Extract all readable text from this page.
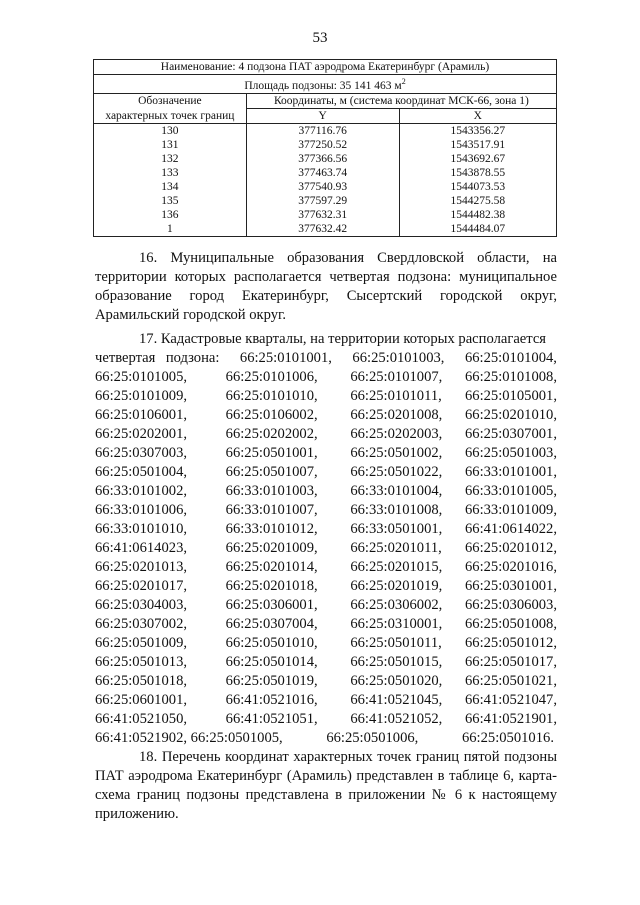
53
Наименование: 4 подзона ПАТ аэродрома Екатеринбург (Арамиль)		
Площадь подзоны: 35 141 463 $м^2$
Обозначение	Координаты, м (система координат МСК-66, зона 1)	
характерных точек границ	Y	X
130	377116.76	1543356.27
131	377250.52	1543517.91
132	377366.56	1543692.67
133	377463.74	1543878.55
134	377540.93	1544073.53
135	377597.29	1544275.58
136	377632.31	1544482.38
1	377632.42	1544484.07

16. Муниципальные образования Свердловской области, на территории которых располагается четвертая подзона: муниципальное образование город Екатеринбург, Сысертский городской округ, Арамильский городской округ.

17. Кадастровые кварталы, на территории которых располагается

четвертая подзона: 66:25:0101001, 66:25:0101003, 66:25:0101004,
66:25:0101005,	66:25:0101006,	66:25:0101007,	66:25:0101008,
66:25:0101009,	66:25:0101010,	66:25:0101011,	66:25:0105001,
66:25:0106001,	66:25:0106002,	66:25:0201008,	66:25:0201010,
66:25:0202001,	66:25:0202002,	66:25:0202003,	66:25:0307001,
66:25:0307003,	66:25:0501001,	66:25:0501002,	66:25:0501003,
66:25:0501004,	66:25:0501007,	66:25:0501022,	66:33:0101001,
66:33:0101002,	66:33:0101003,	66:33:0101004,	66:33:0101005,
66:33:0101006,	66:33:0101007,	66:33:0101008,	66:33:0101009,
66:33:0101010,	66:33:0101012,	66:33:0501001,	66:41:0614022,
66:41:0614023,	66:25:0201009,	66:25:0201011,	66:25:0201012,
66:25:0201013,	66:25:0201014,	66:25:0201015,	66:25:0201016,
66:25:0201017,	66:25:0201018,	66:25:0201019,	66:25:0301001,
66:25:0304003,	66:25:0306001,	66:25:0306002,	66:25:0306003,
66:25:0307002,	66:25:0307004,	66:25:0310001,	66:25:0501008,
66:25:0501009,	66:25:0501010,	66:25:0501011,	66:25:0501012,
66:25:0501013,	66:25:0501014,	66:25:0501015,	66:25:0501017,
66:25:0501018,	66:25:0501019,	66:25:0501020,	66:25:0501021,
66:25:0601001,	66:41:0521016,	66:41:0521045,	66:41:0521047,
66:41:0521050,	66:41:0521051,	66:41:0521052,	66:41:0521901,
66:41:0521902, 66:25:0501005,	66:25:0501006,	66:25:0501016.

18. Перечень координат характерных точек границ пятой подзоны ПАТ аэродрома Екатеринбург (Арамиль) представлен в таблице 6, карта-схема границ подзоны представлена в приложении № 6 к настоящему приложению.
